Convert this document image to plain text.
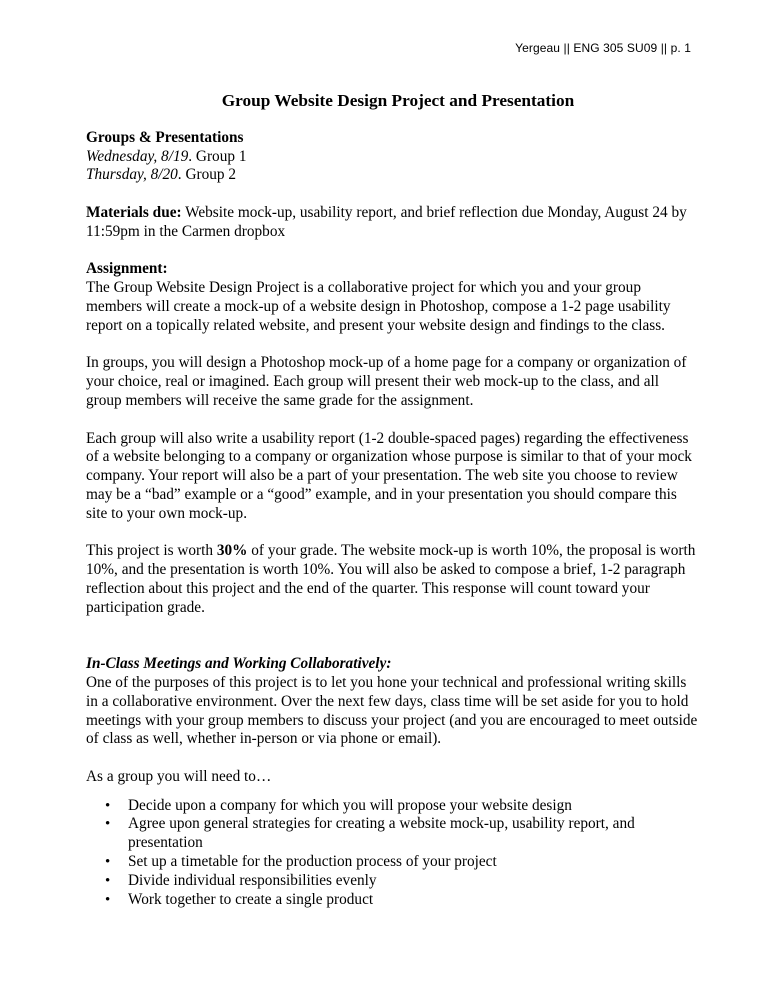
Yergeau || ENG 305 SU09 || p. 1
Group Website Design Project and Presentation
Groups & Presentations
Wednesday, 8/19. Group 1
Thursday, 8/20. Group 2

Materials due: Website mock-up, usability report, and brief reflection due Monday, August 24 by 11:59pm in the Carmen dropbox

Assignment:
The Group Website Design Project is a collaborative project for which you and your group members will create a mock-up of a website design in Photoshop, compose a 1-2 page usability report on a topically related website, and present your website design and findings to the class.

In groups, you will design a Photoshop mock-up of a home page for a company or organization of your choice, real or imagined. Each group will present their web mock-up to the class, and all group members will receive the same grade for the assignment.

Each group will also write a usability report (1-2 double-spaced pages) regarding the effectiveness of a website belonging to a company or organization whose purpose is similar to that of your mock company. Your report will also be a part of your presentation. The web site you choose to review may be a “bad” example or a “good” example, and in your presentation you should compare this site to your own mock-up.

This project is worth 30% of your grade. The website mock-up is worth 10%, the proposal is worth 10%, and the presentation is worth 10%. You will also be asked to compose a brief, 1-2 paragraph reflection about this project and the end of the quarter. This response will count toward your participation grade.

In-Class Meetings and Working Collaboratively:
One of the purposes of this project is to let you hone your technical and professional writing skills in a collaborative environment. Over the next few days, class time will be set aside for you to hold meetings with your group members to discuss your project (and you are encouraged to meet outside of class as well, whether in-person or via phone or email).

As a group you will need to…

• Decide upon a company for which you will propose your website design
• Agree upon general strategies for creating a website mock-up, usability report, and presentation
• Set up a timetable for the production process of your project
• Divide individual responsibilities evenly
• Work together to create a single product
